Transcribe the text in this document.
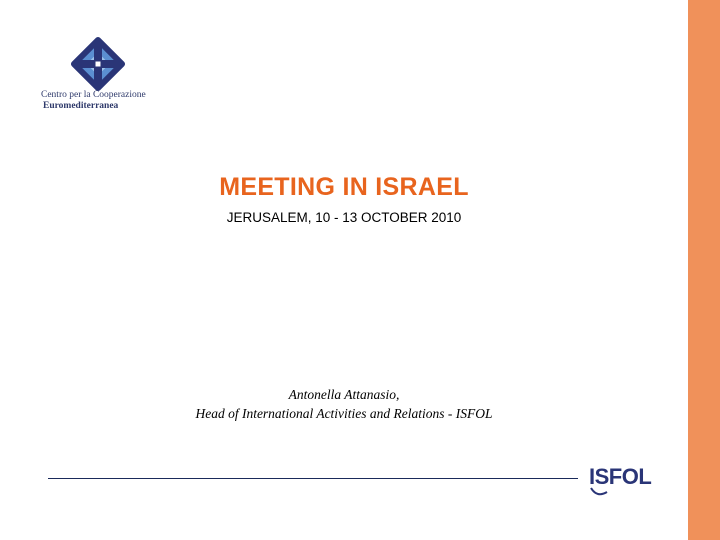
Centro per la Cooperazione
Euromediterranea
MEETING IN ISRAEL
JERUSALEM, 10 - 13 OCTOBER 2010
Antonella Attanasio,
Head of International Activities and Relations - ISFOL
ISFOL
